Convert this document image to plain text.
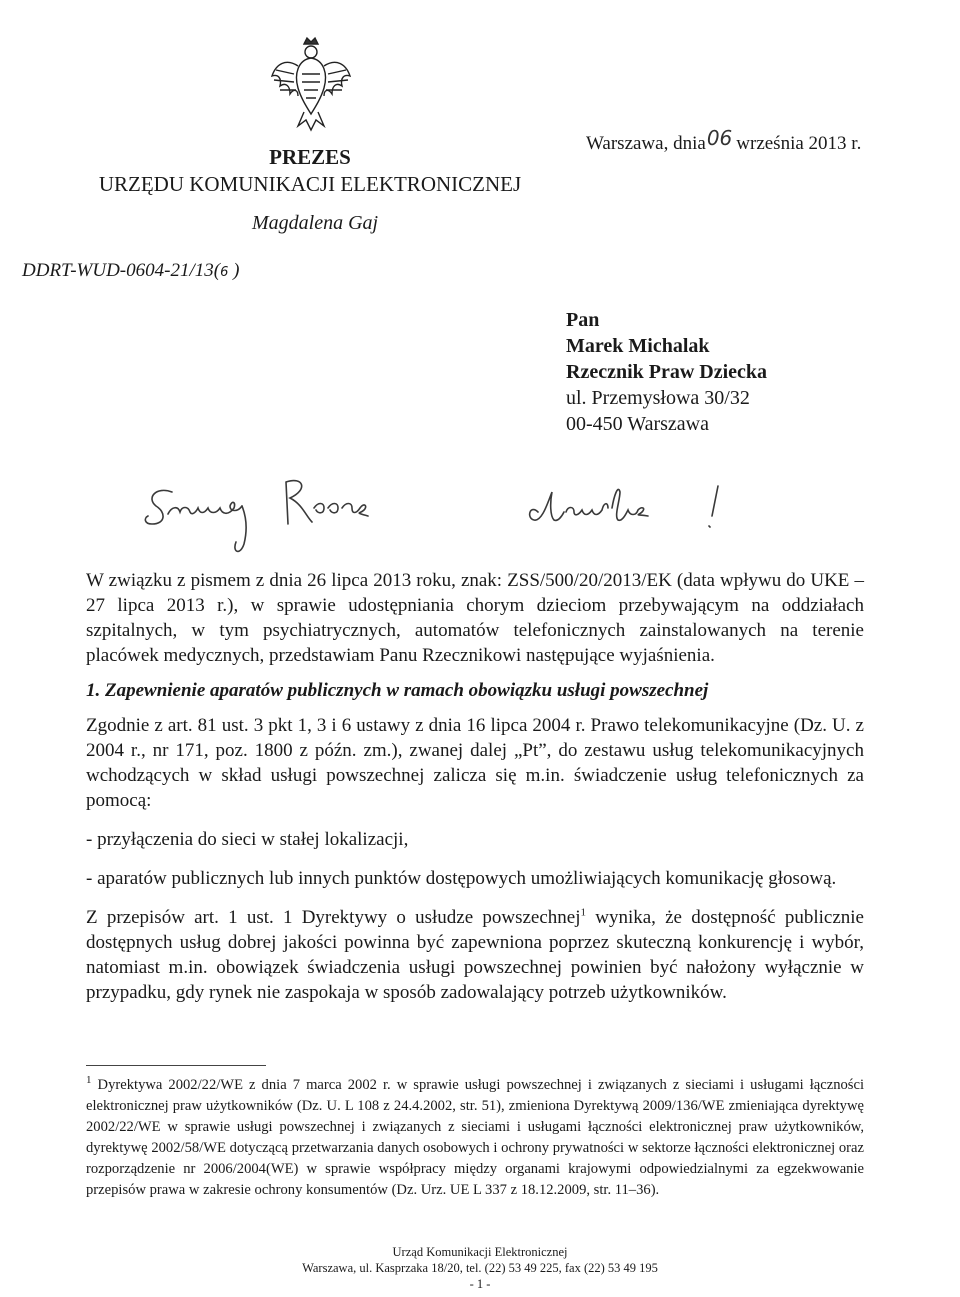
PREZES
URZĘDU KOMUNIKACJI ELEKTRONICZNEJ
Magdalena Gaj
DDRT-WUD-0604-21/13(6 )
Warszawa, dnia06 września 2013 r.
Pan
Marek Michalak
Rzecznik Praw Dziecka
ul. Przemysłowa 30/32
00-450 Warszawa

W związku z pismem z dnia 26 lipca 2013 roku, znak: ZSS/500/20/2013/EK (data wpływu do UKE – 27 lipca 2013 r.), w sprawie udostępniania chorym dzieciom przebywającym na oddziałach szpitalnych, w tym psychiatrycznych, automatów telefonicznych zainstalowanych na terenie placówek medycznych, przedstawiam Panu Rzecznikowi następujące wyjaśnienia.

1. Zapewnienie aparatów publicznych w ramach obowiązku usługi powszechnej

Zgodnie z art. 81 ust. 3 pkt 1, 3 i 6 ustawy z dnia 16 lipca 2004 r. Prawo telekomunikacyjne (Dz. U. z 2004 r., nr 171, poz. 1800 z późn. zm.), zwanej dalej „Pt”, do zestawu usług telekomunikacyjnych wchodzących w skład usługi powszechnej zalicza się m.in. świadczenie usług telefonicznych za pomocą:

- przyłączenia do sieci w stałej lokalizacji,

- aparatów publicznych lub innych punktów dostępowych umożliwiających komunikację głosową.

Z przepisów art. 1 ust. 1 Dyrektywy o usłudze powszechnej$^1$ wynika, że dostępność publicznie dostępnych usług dobrej jakości powinna być zapewniona poprzez skuteczną konkurencję i wybór, natomiast m.in. obowiązek świadczenia usługi powszechnej powinien być nałożony wyłącznie w przypadku, gdy rynek nie zaspokaja w sposób zadowalający potrzeb użytkowników.

$^1$ Dyrektywa 2002/22/WE z dnia 7 marca 2002 r. w sprawie usługi powszechnej i związanych z sieciami i usługami łączności elektronicznej praw użytkowników (Dz. U. L 108 z 24.4.2002, str. 51), zmieniona Dyrektywą 2009/136/WE zmieniająca dyrektywę 2002/22/WE w sprawie usługi powszechnej i związanych z sieciami i usługami łączności elektronicznej praw użytkowników, dyrektywę 2002/58/WE dotyczącą przetwarzania danych osobowych i ochrony prywatności w sektorze łączności elektronicznej oraz rozporządzenie nr 2006/2004(WE) w sprawie współpracy między organami krajowymi odpowiedzialnymi za egzekwowanie przepisów prawa w zakresie ochrony konsumentów (Dz. Urz. UE L 337 z 18.12.2009, str. 11–36).
Urząd Komunikacji Elektronicznej
Warszawa, ul. Kasprzaka 18/20, tel. (22) 53 49 225, fax (22) 53 49 195
- 1 -
